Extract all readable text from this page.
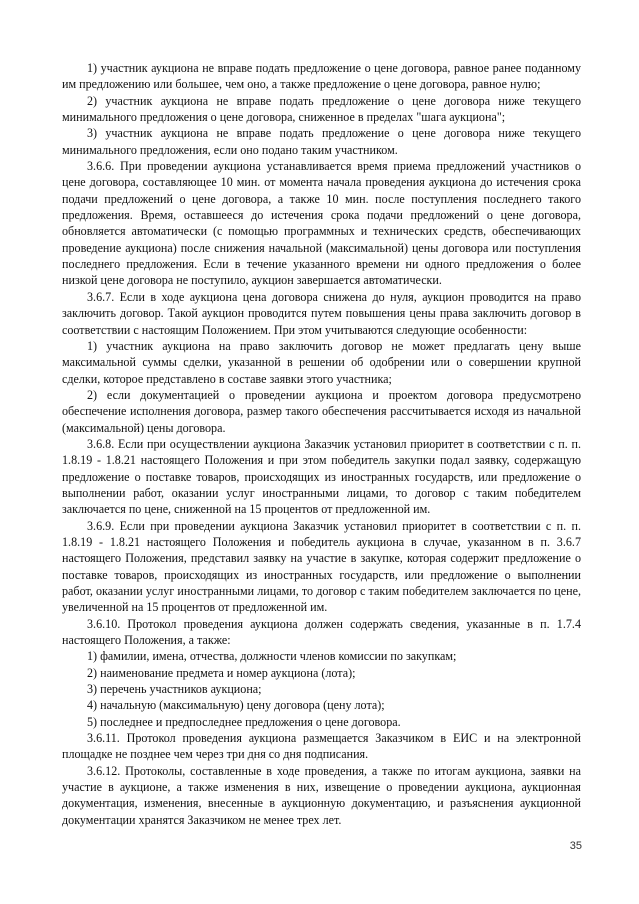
1) участник аукциона не вправе подать предложение о цене договора, равное ранее поданному им предложению или большее, чем оно, а также предложение о цене договора, равное нулю;

2) участник аукциона не вправе подать предложение о цене договора ниже текущего минимального предложения о цене договора, сниженное в пределах "шага аукциона";

3) участник аукциона не вправе подать предложение о цене договора ниже текущего минимального предложения, если оно подано таким участником.

3.6.6. При проведении аукциона устанавливается время приема предложений участников о цене договора, составляющее 10 мин. от момента начала проведения аукциона до истечения срока подачи предложений о цене договора, а также 10 мин. после поступления последнего такого предложения. Время, оставшееся до истечения срока подачи предложений о цене договора, обновляется автоматически (с помощью программных и технических средств, обеспечивающих проведение аукциона) после снижения начальной (максимальной) цены договора или поступления последнего предложения. Если в течение указанного времени ни одного предложения о более низкой цене договора не поступило, аукцион завершается автоматически.

3.6.7. Если в ходе аукциона цена договора снижена до нуля, аукцион проводится на право заключить договор. Такой аукцион проводится путем повышения цены права заключить договор в соответствии с настоящим Положением. При этом учитываются следующие особенности:

1) участник аукциона на право заключить договор не может предлагать цену выше максимальной суммы сделки, указанной в решении об одобрении или о совершении крупной сделки, которое представлено в составе заявки этого участника;

2) если документацией о проведении аукциона и проектом договора предусмотрено обеспечение исполнения договора, размер такого обеспечения рассчитывается исходя из начальной (максимальной) цены договора.

3.6.8. Если при осуществлении аукциона Заказчик установил приоритет в соответствии с п. п. 1.8.19 - 1.8.21 настоящего Положения и при этом победитель закупки подал заявку, содержащую предложение о поставке товаров, происходящих из иностранных государств, или предложение о выполнении работ, оказании услуг иностранными лицами, то договор с таким победителем заключается по цене, сниженной на 15 процентов от предложенной им.

3.6.9. Если при проведении аукциона Заказчик установил приоритет в соответствии с п. п. 1.8.19 - 1.8.21 настоящего Положения и победитель аукциона в случае, указанном в п. 3.6.7 настоящего Положения, представил заявку на участие в закупке, которая содержит предложение о поставке товаров, происходящих из иностранных государств, или предложение о выполнении работ, оказании услуг иностранными лицами, то договор с таким победителем заключается по цене, увеличенной на 15 процентов от предложенной им.

3.6.10. Протокол проведения аукциона должен содержать сведения, указанные в п. 1.7.4 настоящего Положения, а также:

1) фамилии, имена, отчества, должности членов комиссии по закупкам;

2) наименование предмета и номер аукциона (лота);

3) перечень участников аукциона;

4) начальную (максимальную) цену договора (цену лота);

5) последнее и предпоследнее предложения о цене договора.

3.6.11. Протокол проведения аукциона размещается Заказчиком в ЕИС и на электронной площадке не позднее чем через три дня со дня подписания.

3.6.12. Протоколы, составленные в ходе проведения, а также по итогам аукциона, заявки на участие в аукционе, а также изменения в них, извещение о проведении аукциона, аукционная документация, изменения, внесенные в аукционную документацию, и разъяснения аукционной документации хранятся Заказчиком не менее трех лет.

35
